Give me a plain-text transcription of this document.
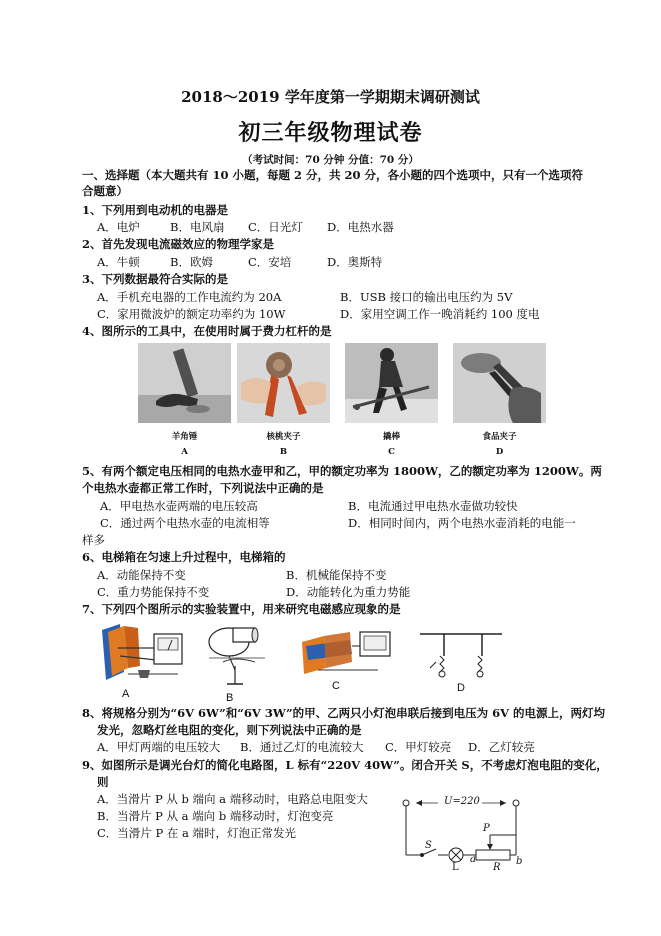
2018～2019 学年度第一学期期末调研测试
初三年级物理试卷
（考试时间：70 分钟 分值：70 分）
一、选择题（本大题共有 10 小题，每题 2 分，共 20 分，各小题的四个选项中，只有一个选项符
合题意）
1、下列用到电动机的电器是
A．电炉	B．电风扇 C．日光灯 D．电热水器
2、首先发现电流磁效应的物理学家是
A．牛顿	B．欧姆	C．安培	D．奥斯特
3、下列数据最符合实际的是
A．手机充电器的工作电流约为 20A	B．USB 接口的输出电压约为 5V
C．家用微波炉的额定功率约为 10W	D．家用空调工作一晚消耗约 100 度电
4、图所示的工具中，在使用时属于费力杠杆的是
羊角锤	核桃夹子	撬棒	食品夹子
A	B	C	D
5、有两个额定电压相同的电热水壶甲和乙，甲的额定功率为 1800W，乙的额定功率为 1200W。两
个电热水壶都正常工作时，下列说法中正确的是
A．甲电热水壶两端的电压较高	B．电流通过甲电热水壶做功较快
C．通过两个电热水壶的电流相等	D．相同时间内，两个电热水壶消耗的电能一
样多
6、电梯箱在匀速上升过程中，电梯箱的
A．动能保持不变	B．机械能保持不变
C．重力势能保持不变	D．动能转化为重力势能
7、下列四个图所示的实验装置中，用来研究电磁感应现象的是
A	B
C	D
8、将规格分别为“6V 6W”和“6V 3W”的甲、乙两只小灯泡串联后接到电压为 6V 的电源上，两灯均
发光，忽略灯丝电阻的变化，则下列说法中正确的是
A．甲灯两端的电压较大 B．通过乙灯的电流较大 C．甲灯较亮 D．乙灯较亮
9、如图所示是调光台灯的简化电路图，L 标有“220V 40W”。闭合开关 S，不考虑灯泡电阻的变化，
则
A．当滑片 P 从 b 端向 a 端移动时，电路总电阻变大
B．当滑片 P 从 a 端向 b 端移动时，灯泡变亮
C．当滑片 P 在 a 端时，灯泡正常发光
U=220
S
L
P
R
a	b
